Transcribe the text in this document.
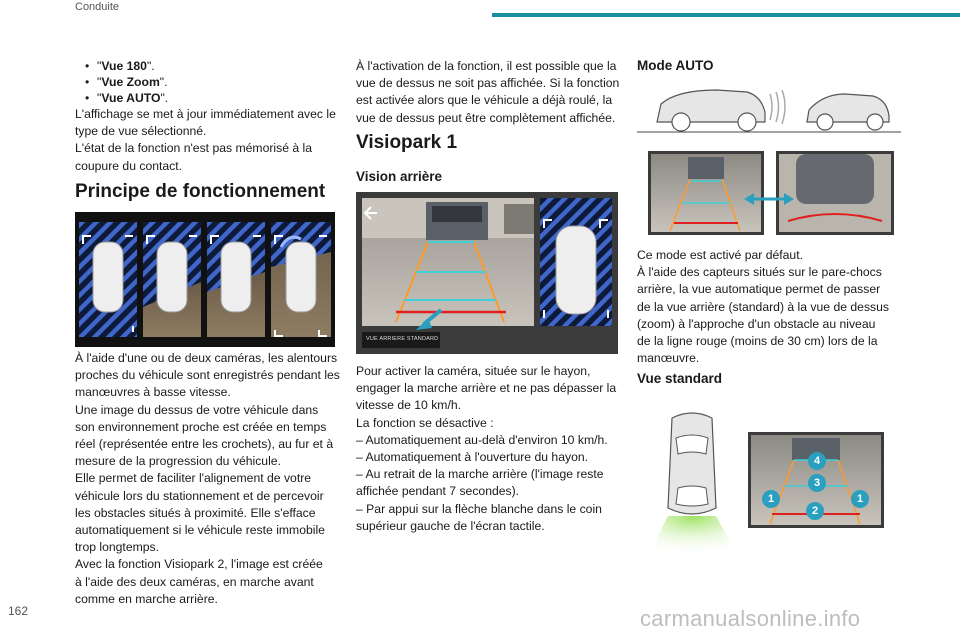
Conduite
• "Vue 180".
• "Vue Zoom".
• "Vue AUTO".

L'affichage se met à jour immédiatement avec le
type de vue sélectionné.
L'état de la fonction n'est pas mémorisé à la
coupure du contact.

Principe de fonctionnement

À l'aide d'une ou de deux caméras, les alentours
proches du véhicule sont enregistrés pendant les
manœuvres à basse vitesse.
Une image du dessus de votre véhicule dans
son environnement proche est créée en temps
réel (représentée entre les crochets), au fur et à
mesure de la progression du véhicule.
Elle permet de faciliter l'alignement de votre
véhicule lors du stationnement et de percevoir
les obstacles situés à proximité. Elle s'efface
automatiquement si le véhicule reste immobile
trop longtemps.
Avec la fonction Visiopark 2, l'image est créée
à l'aide des deux caméras, en marche avant
comme en marche arrière.

À l'activation de la fonction, il est possible que la
vue de dessus ne soit pas affichée. Si la fonction
est activée alors que le véhicule a déjà roulé, la
vue de dessus peut être complètement affichée.

Visiopark 1
Vision arrière
VUE ARRIERE STANDARD

Pour activer la caméra, située sur le hayon,
engager la marche arrière et ne pas dépasser la
vitesse de 10 km/h.
La fonction se désactive :
– Automatiquement au-delà d'environ 10 km/h.
– Automatiquement à l'ouverture du hayon.
– Au retrait de la marche arrière (l'image reste
affichée pendant 7 secondes).
– Par appui sur la flèche blanche dans le coin
supérieur gauche de l'écran tactile.

Mode AUTO

Ce mode est activé par défaut.
À l'aide des capteurs situés sur le pare-chocs
arrière, la vue automatique permet de passer
de la vue arrière (standard) à la vue de dessus
(zoom) à l'approche d'un obstacle au niveau
de la ligne rouge (moins de 30 cm) lors de la
manœuvre.

Vue standard
4
3
1	1
2
162	carmanualsonline.info
